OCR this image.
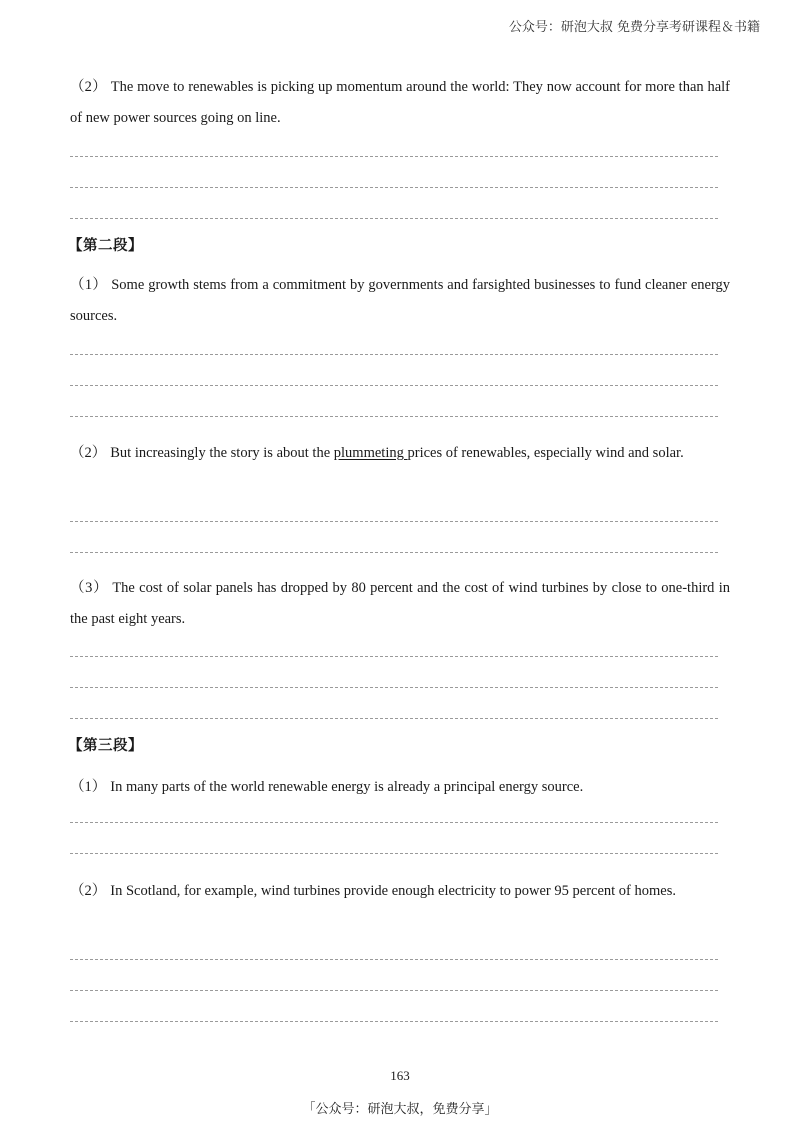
公众号：研泡大叔 免费分享考研课程＆书籍
（2） The move to renewables is picking up momentum around the world: They now account for more than half of new power sources going on line.
【第二段】
（1） Some growth stems from a commitment by governments and farsighted businesses to fund cleaner energy sources.
（2） But increasingly the story is about the plummeting prices of renewables, especially wind and solar.
（3） The cost of solar panels has dropped by 80 percent and the cost of wind turbines by close to one-third in the past eight years.
【第三段】
（1） In many parts of the world renewable energy is already a principal energy source.
（2） In Scotland, for example, wind turbines provide enough electricity to power 95 percent of homes.
163
「公众号：研泡大叔，免费分享」
